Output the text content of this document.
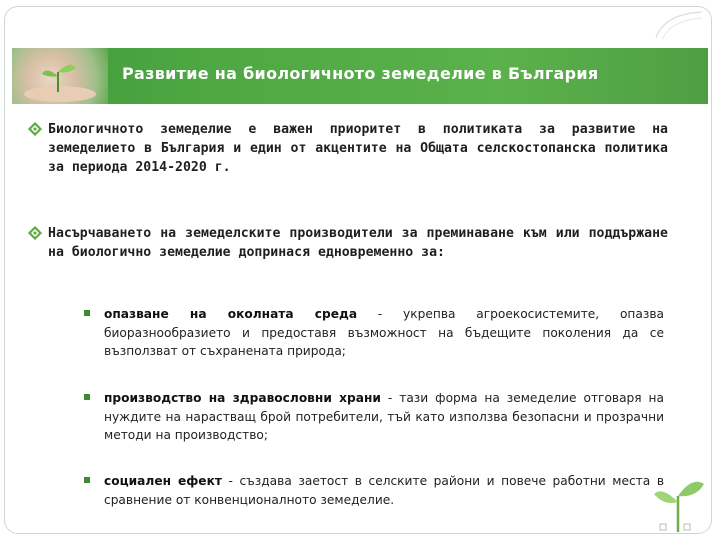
Развитие на биологичното земеделие в България
Биологичното земеделие е важен приоритет в политиката за развитие на земеделието в България и един от акцентите на Общата селскостопанска политика за периода 2014-2020 г.
Насърчаването на земеделските производители за преминаване към или поддържане на биологично земеделие допринася едновременно за:
опазване на околната среда - укрепва агроекосистемите, опазва биоразнообразието и предоставя възможност на бъдещите поколения да се възползват от съхранената природа;
производство на здравословни храни - тази форма на земеделие отговаря на нуждите на нарастващ брой потребители, тъй като използва безопасни и прозрачни методи на производство;
социален ефект - създава заетост в селските райони и повече работни места в сравнение от конвенционалното земеделие.
